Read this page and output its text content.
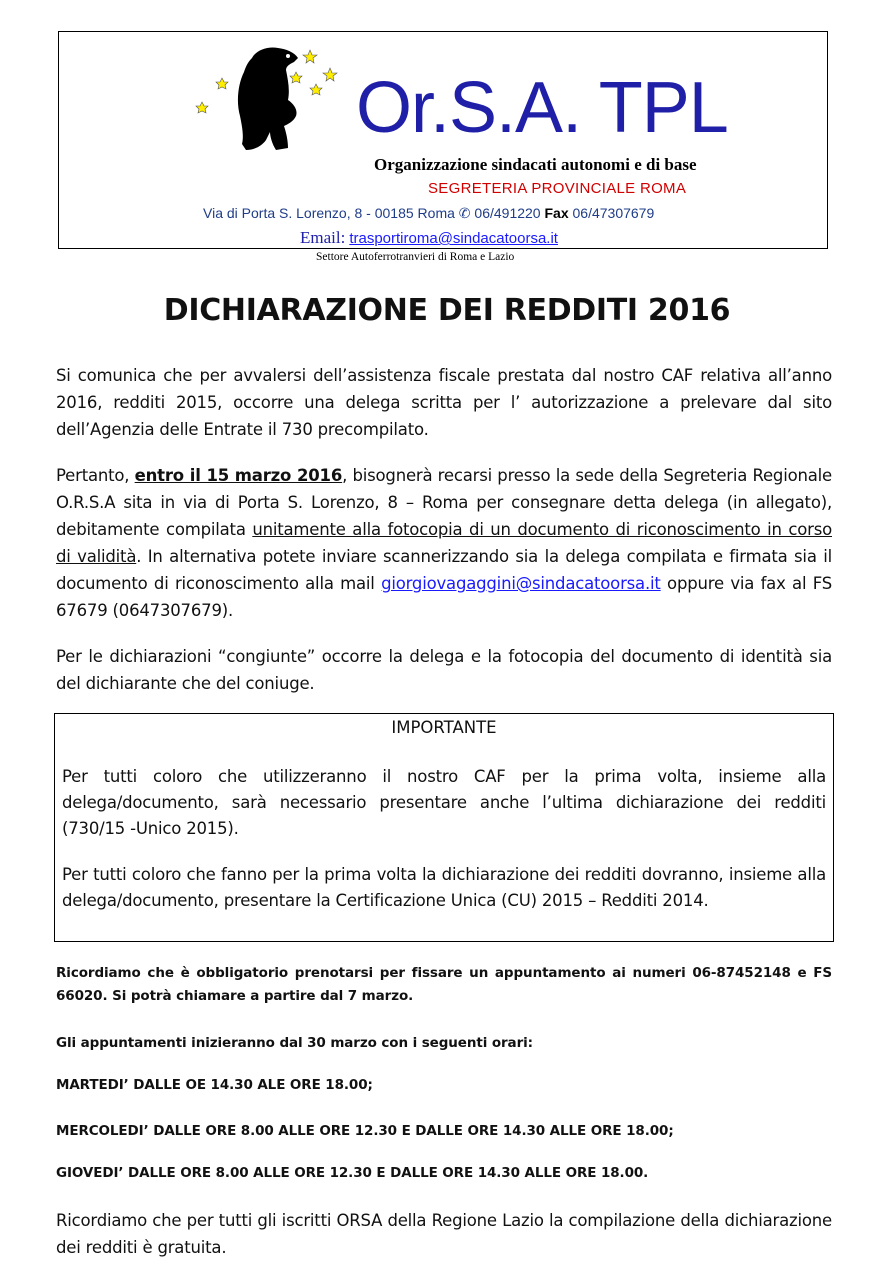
Or.S.A. TPL
Organizzazione sindacati autonomi e di base
SEGRETERIA PROVINCIALE ROMA
Via di Porta S. Lorenzo, 8 - 00185 Roma ✆ 06/491220 Fax 06/47307679
Email: trasportiroma@sindacatoorsa.it
Settore Autoferrotranvieri di Roma e Lazio
DICHIARAZIONE DEI REDDITI 2016
Si comunica che per avvalersi dell’assistenza fiscale prestata dal nostro CAF relativa all’anno 2016, redditi 2015, occorre una delega scritta per l’ autorizzazione a prelevare dal sito dell’Agenzia delle Entrate il 730 precompilato.
Pertanto, entro il 15 marzo 2016, bisognerà recarsi presso la sede della Segreteria Regionale O.R.S.A sita in via di Porta S. Lorenzo, 8 – Roma per consegnare detta delega (in allegato), debitamente compilata unitamente alla fotocopia di un documento di riconoscimento in corso di validità. In alternativa potete inviare scannerizzando sia la delega compilata e firmata sia il documento di riconoscimento alla mail giorgiovagaggini@sindacatoorsa.it oppure via fax al FS 67679 (0647307679).
Per le dichiarazioni “congiunte” occorre la delega e la fotocopia del documento di identità sia del dichiarante che del coniuge.
IMPORTANTE
Per tutti coloro che utilizzeranno il nostro CAF per la prima volta, insieme alla delega/documento, sarà necessario presentare anche l’ultima dichiarazione dei redditi (730/15 -Unico 2015).
Per tutti coloro che fanno per la prima volta la dichiarazione dei redditi dovranno, insieme alla delega/documento, presentare la Certificazione Unica (CU) 2015 – Redditi 2014.
Ricordiamo che è obbligatorio prenotarsi per fissare un appuntamento ai numeri 06-87452148 e FS 66020. Si potrà chiamare a partire dal 7 marzo.
Gli appuntamenti inizieranno dal 30 marzo con i seguenti orari:
MARTEDI’ DALLE OE 14.30 ALE ORE 18.00;
MERCOLEDI’ DALLE ORE 8.00 ALLE ORE 12.30 E DALLE ORE 14.30 ALLE ORE 18.00;
GIOVEDI’ DALLE ORE 8.00 ALLE ORE 12.30 E DALLE ORE 14.30 ALLE ORE 18.00.
Ricordiamo che per tutti gli iscritti ORSA della Regione Lazio la compilazione della dichiarazione dei redditi è gratuita.
